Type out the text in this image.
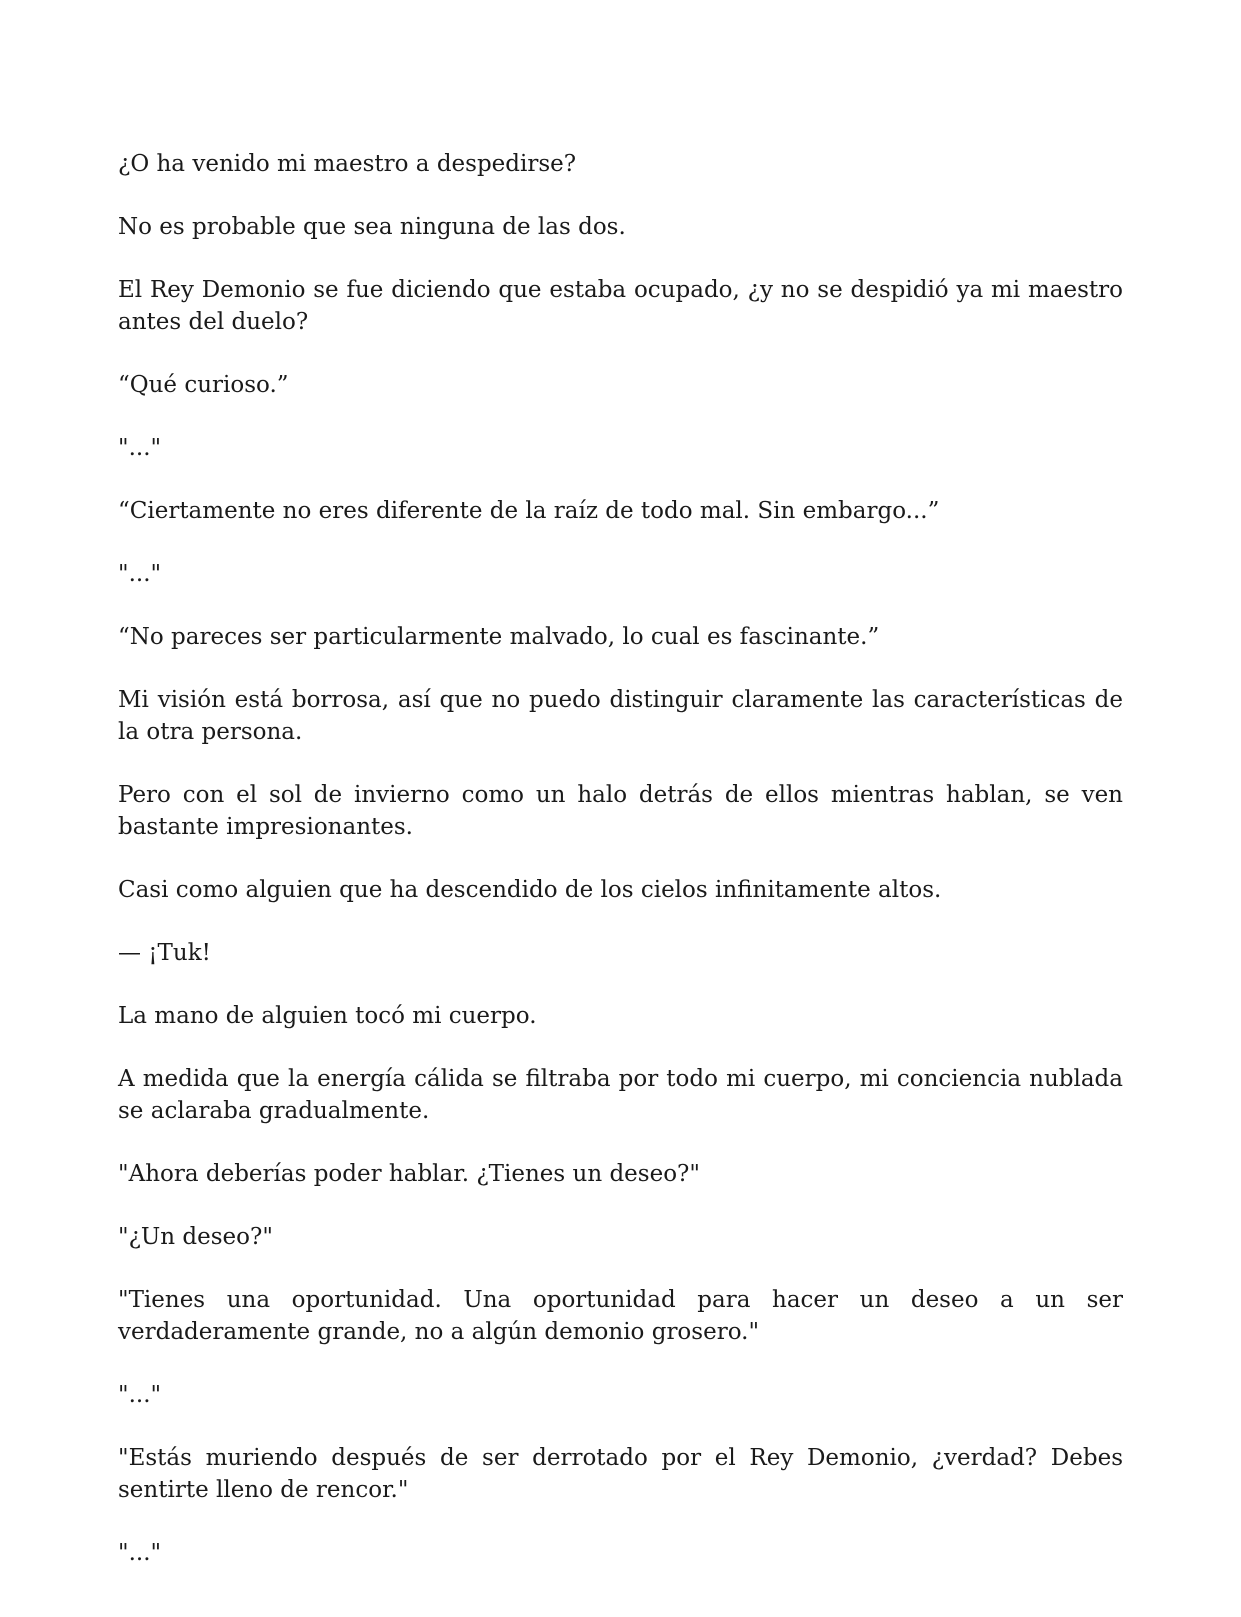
¿O ha venido mi maestro a despedirse?

No es probable que sea ninguna de las dos.

El Rey Demonio se fue diciendo que estaba ocupado, ¿y no se despidió ya mi maestro antes del duelo?

“Qué curioso.”

"..."

“Ciertamente no eres diferente de la raíz de todo mal. Sin embargo...”

"..."

“No pareces ser particularmente malvado, lo cual es fascinante.”

Mi visión está borrosa, así que no puedo distinguir claramente las características de la otra persona.

Pero con el sol de invierno como un halo detrás de ellos mientras hablan, se ven bastante impresionantes.

Casi como alguien que ha descendido de los cielos infinitamente altos.

— ¡Tuk!

La mano de alguien tocó mi cuerpo.

A medida que la energía cálida se filtraba por todo mi cuerpo, mi conciencia nublada se aclaraba gradualmente.

"Ahora deberías poder hablar. ¿Tienes un deseo?"

"¿Un deseo?"

"Tienes una oportunidad. Una oportunidad para hacer un deseo a un ser verdaderamente grande, no a algún demonio grosero."

"..."

"Estás muriendo después de ser derrotado por el Rey Demonio, ¿verdad? Debes sentirte lleno de rencor."

"..."
